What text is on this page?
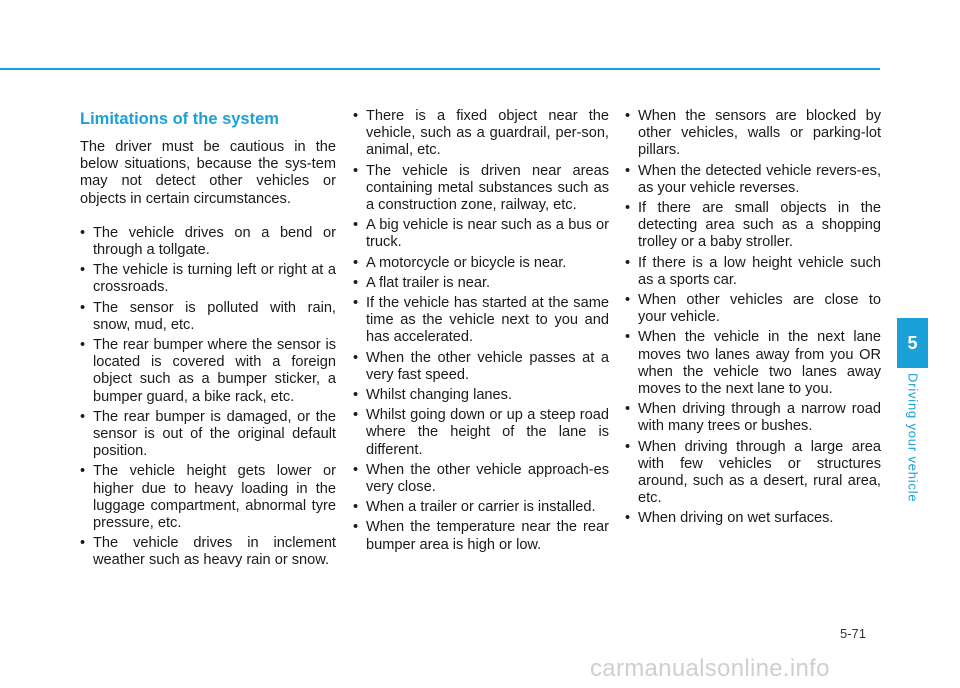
Limitations of the system

The driver must be cautious in the below situations, because the sys-tem may not detect other vehicles or objects in certain circumstances.

• The vehicle drives on a bend or through a tollgate.
• The vehicle is turning left or right at a crossroads.
• The sensor is polluted with rain, snow, mud, etc.
• The rear bumper where the sensor is located is covered with a foreign object such as a bumper sticker, a bumper guard, a bike rack, etc.
• The rear bumper is damaged, or the sensor is out of the original default position.
• The vehicle height gets lower or higher due to heavy loading in the luggage compartment, abnormal tyre pressure, etc.
• The vehicle drives in inclement weather such as heavy rain or snow.
• There is a fixed object near the vehicle, such as a guardrail, per-son, animal, etc.
• The vehicle is driven near areas containing metal substances such as a construction zone, railway, etc.
• A big vehicle is near such as a bus or truck.
• A motorcycle or bicycle is near.
• A flat trailer is near.
• If the vehicle has started at the same time as the vehicle next to you and has accelerated.
• When the other vehicle passes at a very fast speed.
• Whilst changing lanes.
• Whilst going down or up a steep road where the height of the lane is different.
• When the other vehicle approach-es very close.
• When a trailer or carrier is installed.
• When the temperature near the rear bumper area is high or low.
• When the sensors are blocked by other vehicles, walls or parking-lot pillars.
• When the detected vehicle revers-es, as your vehicle reverses.
• If there are small objects in the detecting area such as a shopping trolley or a baby stroller.
• If there is a low height vehicle such as a sports car.
• When other vehicles are close to your vehicle.
• When the vehicle in the next lane moves two lanes away from you OR when the vehicle two lanes away moves to the next lane to you.
• When driving through a narrow road with many trees or bushes.
• When driving through a large area with few vehicles or structures around, such as a desert, rural area, etc.
• When driving on wet surfaces.
5
Driving your vehicle
5-71
carmanualsonline.info
